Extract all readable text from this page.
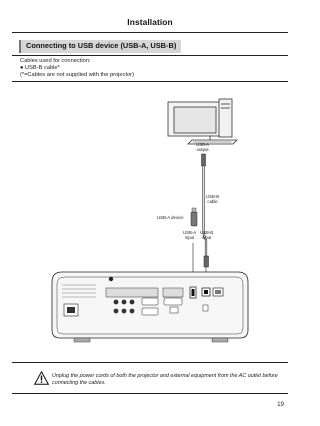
Installation
Connecting to USB device (USB-A, USB-B)
Cables used for connection:
● USB-B cable*
(*=Cables are not supplied with the projector)
USB-A
output
USB-B
cable
USB-A device
USB-A
input
USB-B
input
Unplug the power cords of both the projector and external equipment from the AC outlet before connecting the cables.
19
